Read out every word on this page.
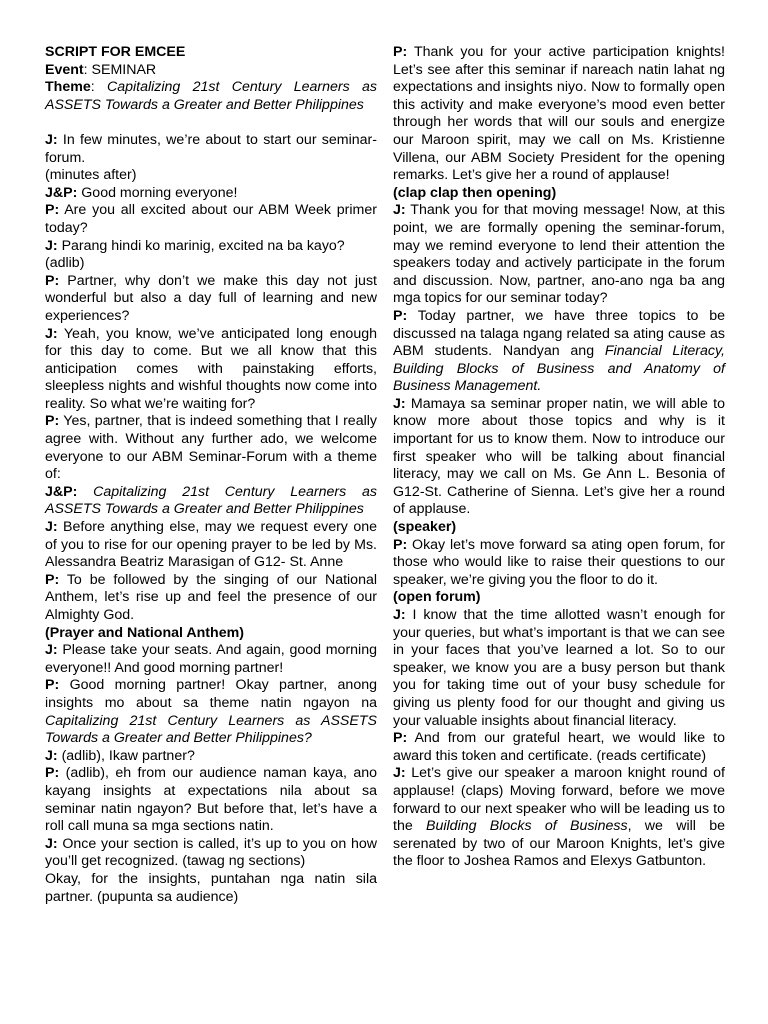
SCRIPT FOR EMCEE

Event: SEMINAR

Theme: Capitalizing 21st Century Learners as ASSETS Towards a Greater and Better Philippines

J: In few minutes, we’re about to start our seminar-forum.

(minutes after)

J&P: Good morning everyone!

P: Are you all excited about our ABM Week primer today?

J: Parang hindi ko marinig, excited na ba kayo?

(adlib)

P: Partner, why don’t we make this day not just wonderful but also a day full of learning and new experiences?

J: Yeah, you know, we’ve anticipated long enough for this day to come. But we all know that this anticipation comes with painstaking efforts, sleepless nights and wishful thoughts now come into reality. So what we’re waiting for?

P: Yes, partner, that is indeed something that I really agree with. Without any further ado, we welcome everyone to our ABM Seminar-Forum with a theme of:

J&P: Capitalizing 21st Century Learners as ASSETS Towards a Greater and Better Philippines

J: Before anything else, may we request every one of you to rise for our opening prayer to be led by Ms. Alessandra Beatriz Marasigan of G12- St. Anne

P: To be followed by the singing of our National Anthem, let’s rise up and feel the presence of our Almighty God.

(Prayer and National Anthem)

J: Please take your seats. And again, good morning everyone!! And good morning partner!

P: Good morning partner! Okay partner, anong insights mo about sa theme natin ngayon na Capitalizing 21st Century Learners as ASSETS Towards a Greater and Better Philippines?

J: (adlib), Ikaw partner?

P: (adlib), eh from our audience naman kaya, ano kayang insights at expectations nila about sa seminar natin ngayon? But before that, let’s have a roll call muna sa mga sections natin.

J: Once your section is called, it’s up to you on how you’ll get recognized. (tawag ng sections)

Okay, for the insights, puntahan nga natin sila partner. (pupunta sa audience)

P: Thank you for your active participation knights! Let’s see after this seminar if nareach natin lahat ng expectations and insights niyo. Now to formally open this activity and make everyone’s mood even better through her words that will our souls and energize our Maroon spirit, may we call on Ms. Kristienne Villena, our ABM Society President for the opening remarks. Let’s give her a round of applause!

(clap clap then opening)

J: Thank you for that moving message! Now, at this point, we are formally opening the seminar-forum, may we remind everyone to lend their attention the speakers today and actively participate in the forum and discussion. Now, partner, ano-ano nga ba ang mga topics for our seminar today?

P: Today partner, we have three topics to be discussed na talaga ngang related sa ating cause as ABM students. Nandyan ang Financial Literacy, Building Blocks of Business and Anatomy of Business Management.

J: Mamaya sa seminar proper natin, we will able to know more about those topics and why is it important for us to know them. Now to introduce our first speaker who will be talking about financial literacy, may we call on Ms. Ge Ann L. Besonia of G12-St. Catherine of Sienna. Let’s give her a round of applause.

(speaker)

P: Okay let’s move forward sa ating open forum, for those who would like to raise their questions to our speaker, we’re giving you the floor to do it.

(open forum)

J: I know that the time allotted wasn’t enough for your queries, but what’s important is that we can see in your faces that you’ve learned a lot. So to our speaker, we know you are a busy person but thank you for taking time out of your busy schedule for giving us plenty food for our thought and giving us your valuable insights about financial literacy.

P: And from our grateful heart, we would like to award this token and certificate. (reads certificate)

J: Let’s give our speaker a maroon knight round of applause! (claps) Moving forward, before we move forward to our next speaker who will be leading us to the Building Blocks of Business, we will be serenated by two of our Maroon Knights, let’s give the floor to Joshea Ramos and Elexys Gatbunton.
